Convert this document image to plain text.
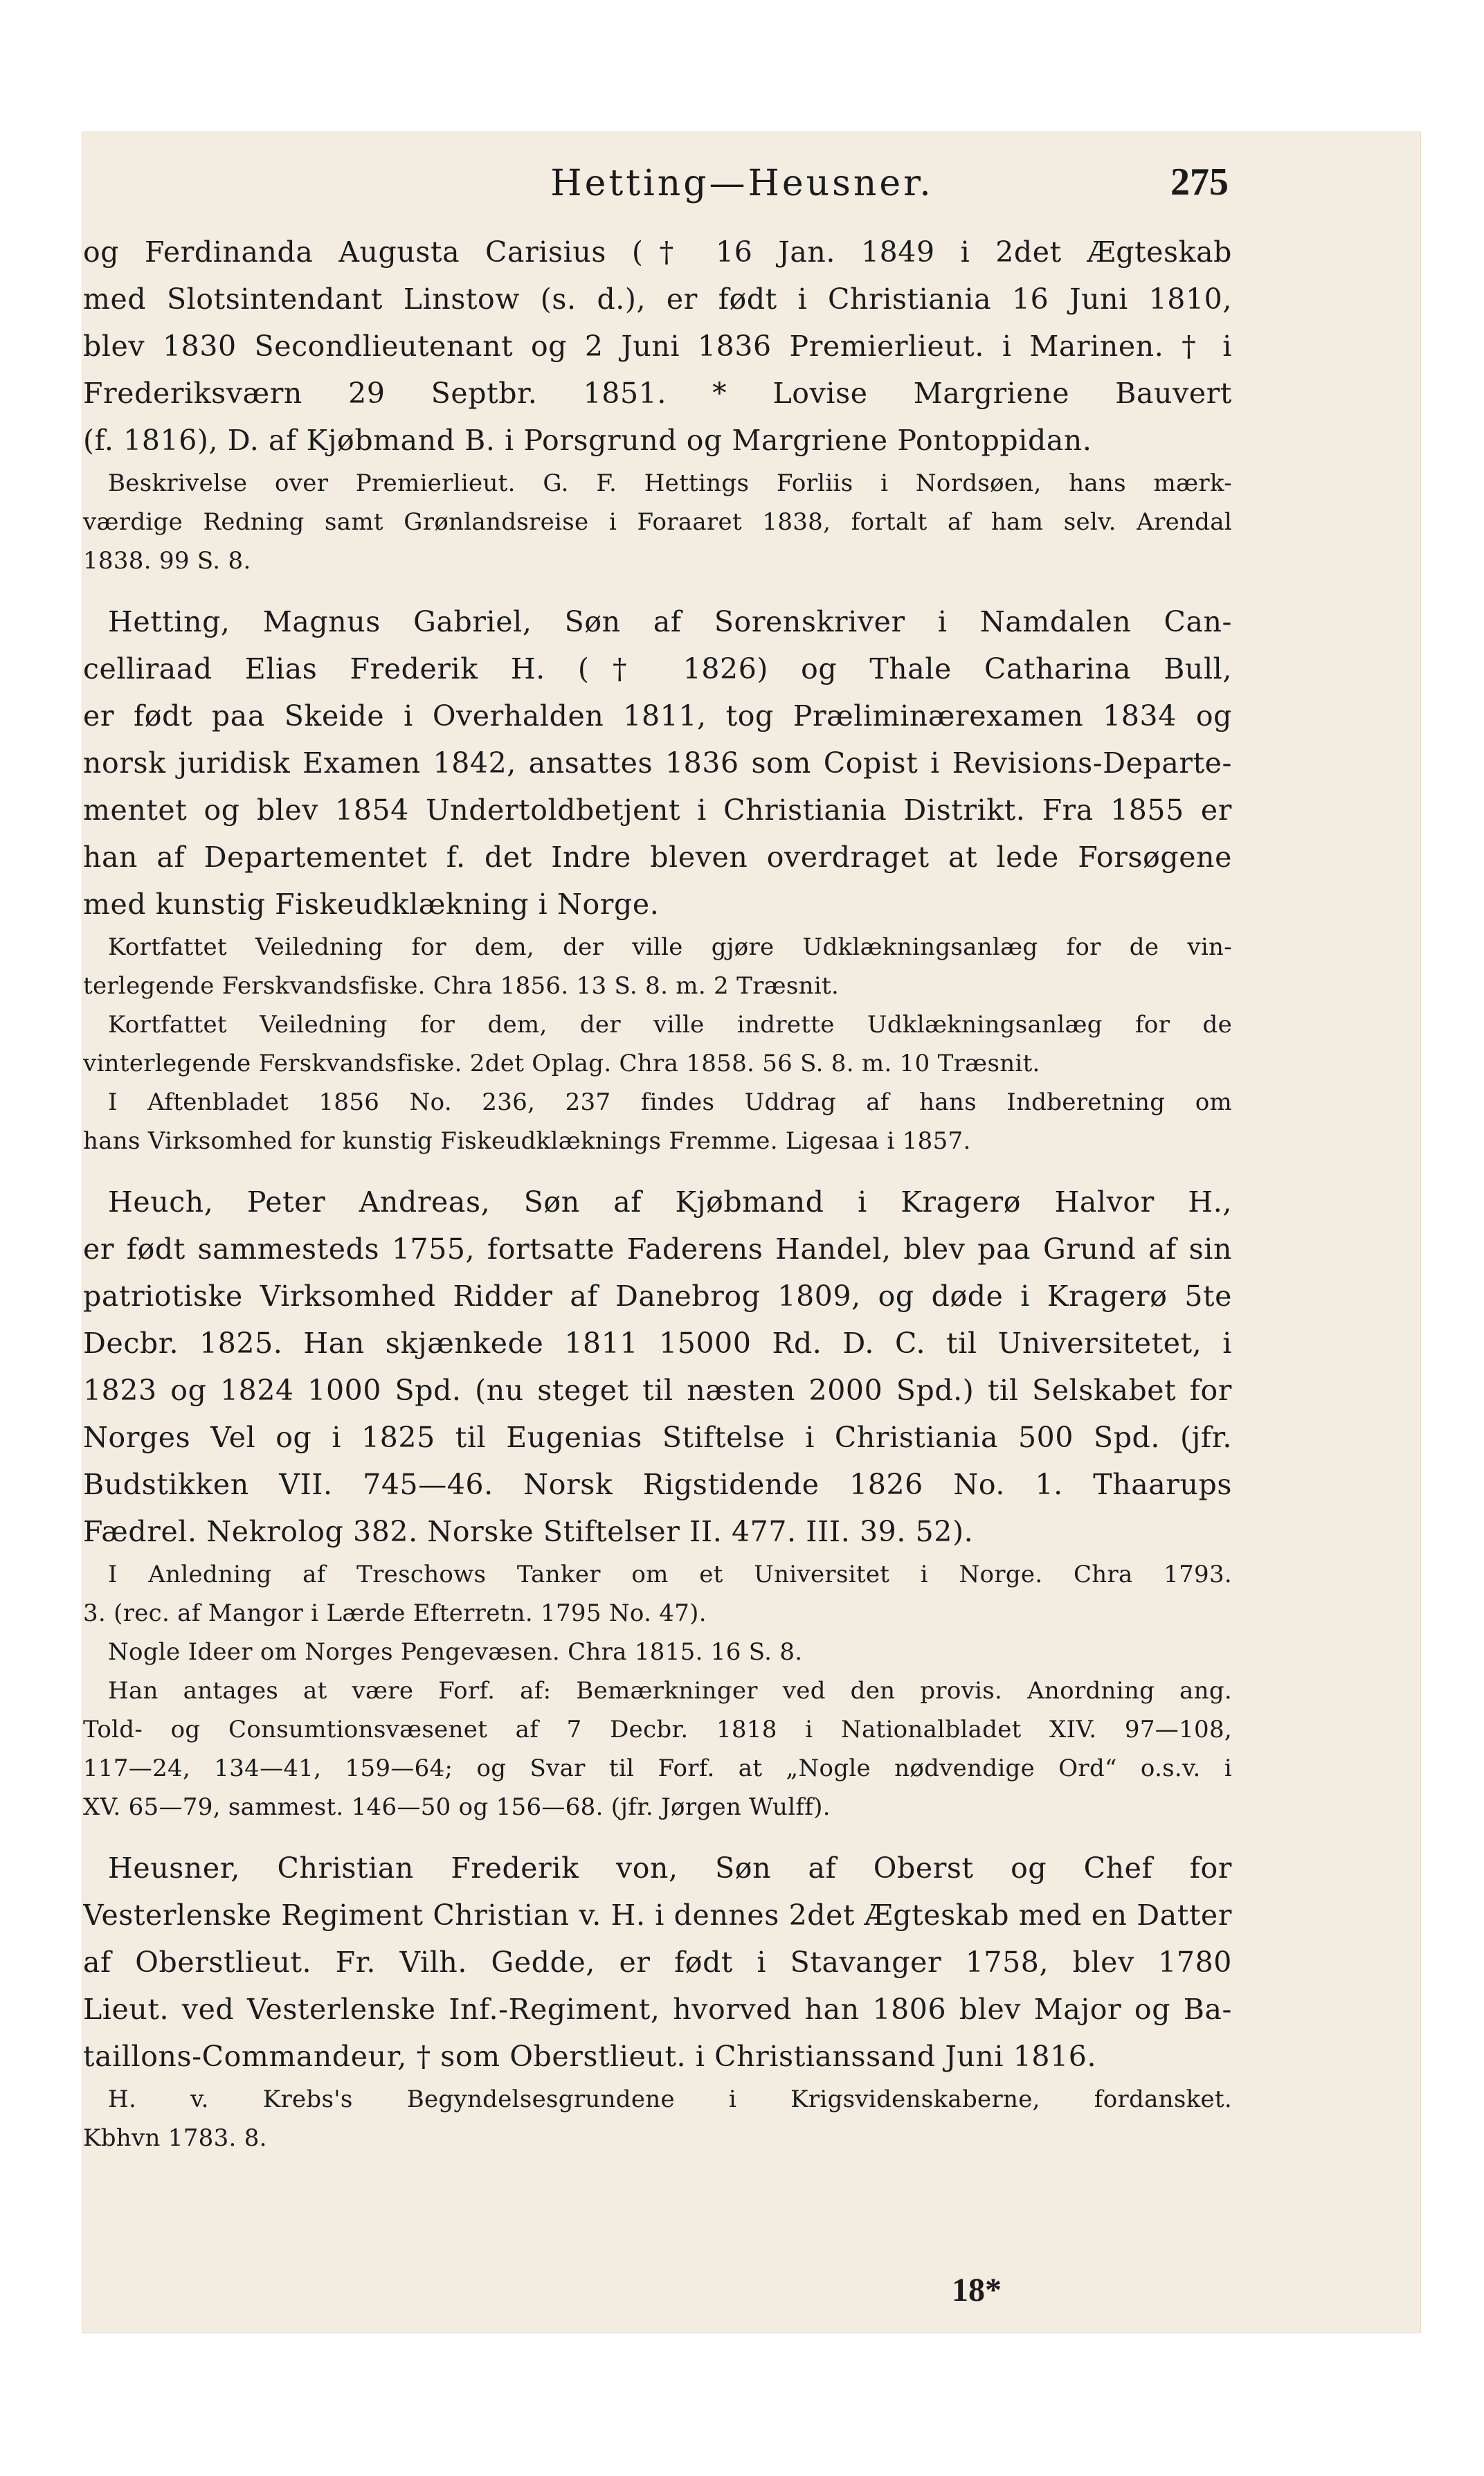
Hetting—Heusner.	275
og Ferdinanda Augusta Carisius († 16 Jan. 1849 i 2det Ægteskab
med Slotsintendant Linstow (s. d.), er født i Christiania 16 Juni 1810,
blev 1830 Secondlieutenant og 2 Juni 1836 Premierlieut. i Marinen. † i
Frederiksværn 29 Septbr. 1851. * Lovise Margriene Bauvert
(f. 1816), D. af Kjøbmand B. i Porsgrund og Margriene Pontoppidan.
Beskrivelse over Premierlieut. G. F. Hettings Forliis i Nordsøen, hans mærk-
værdige Redning samt Grønlandsreise i Foraaret 1838, fortalt af ham selv. Arendal
1838. 99 S. 8.
Hetting, Magnus Gabriel, Søn af Sorenskriver i Namdalen Can-
celliraad Elias Frederik H. († 1826) og Thale Catharina Bull,
er født paa Skeide i Overhalden 1811, tog Præliminærexamen 1834 og
norsk juridisk Examen 1842, ansattes 1836 som Copist i Revisions-Departe-
mentet og blev 1854 Undertoldbetjent i Christiania Distrikt. Fra 1855 er
han af Departementet f. det Indre bleven overdraget at lede Forsøgene
med kunstig Fiskeudklækning i Norge.
Kortfattet Veiledning for dem, der ville gjøre Udklækningsanlæg for de vin-
terlegende Ferskvandsfiske. Chra 1856. 13 S. 8. m. 2 Træsnit.
Kortfattet Veiledning for dem, der ville indrette Udklækningsanlæg for de
vinterlegende Ferskvandsfiske. 2det Oplag. Chra 1858. 56 S. 8. m. 10 Træsnit.
I Aftenbladet 1856 No. 236, 237 findes Uddrag af hans Indberetning om
hans Virksomhed for kunstig Fiskeudklæknings Fremme. Ligesaa i 1857.
Heuch, Peter Andreas, Søn af Kjøbmand i Kragerø Halvor H.,
er født sammesteds 1755, fortsatte Faderens Handel, blev paa Grund af sin
patriotiske Virksomhed Ridder af Danebrog 1809, og døde i Kragerø 5te
Decbr. 1825. Han skjænkede 1811 15000 Rd. D. C. til Universitetet, i
1823 og 1824 1000 Spd. (nu steget til næsten 2000 Spd.) til Selskabet for
Norges Vel og i 1825 til Eugenias Stiftelse i Christiania 500 Spd. (jfr.
Budstikken VII. 745—46. Norsk Rigstidende 1826 No. 1. Thaarups
Fædrel. Nekrolog 382. Norske Stiftelser II. 477. III. 39. 52).
I Anledning af Treschows Tanker om et Universitet i Norge. Chra 1793.
3. (rec. af Mangor i Lærde Efterretn. 1795 No. 47).
Nogle Ideer om Norges Pengevæsen. Chra 1815. 16 S. 8.
Han antages at være Forf. af: Bemærkninger ved den provis. Anordning ang.
Told- og Consumtionsvæsenet af 7 Decbr. 1818 i Nationalbladet XIV. 97—108,
117—24, 134—41, 159—64; og Svar til Forf. at „Nogle nødvendige Ord“ o.s.v. i
XV. 65—79, sammest. 146—50 og 156—68. (jfr. Jørgen Wulff).
Heusner, Christian Frederik von, Søn af Oberst og Chef for
Vesterlenske Regiment Christian v. H. i dennes 2det Ægteskab med en Datter
af Oberstlieut. Fr. Vilh. Gedde, er født i Stavanger 1758, blev 1780
Lieut. ved Vesterlenske Inf.-Regiment, hvorved han 1806 blev Major og Ba-
taillons-Commandeur, † som Oberstlieut. i Christianssand Juni 1816.
H. v. Krebs's Begyndelsesgrundene i Krigsvidenskaberne, fordansket.
Kbhvn 1783. 8.
18*
